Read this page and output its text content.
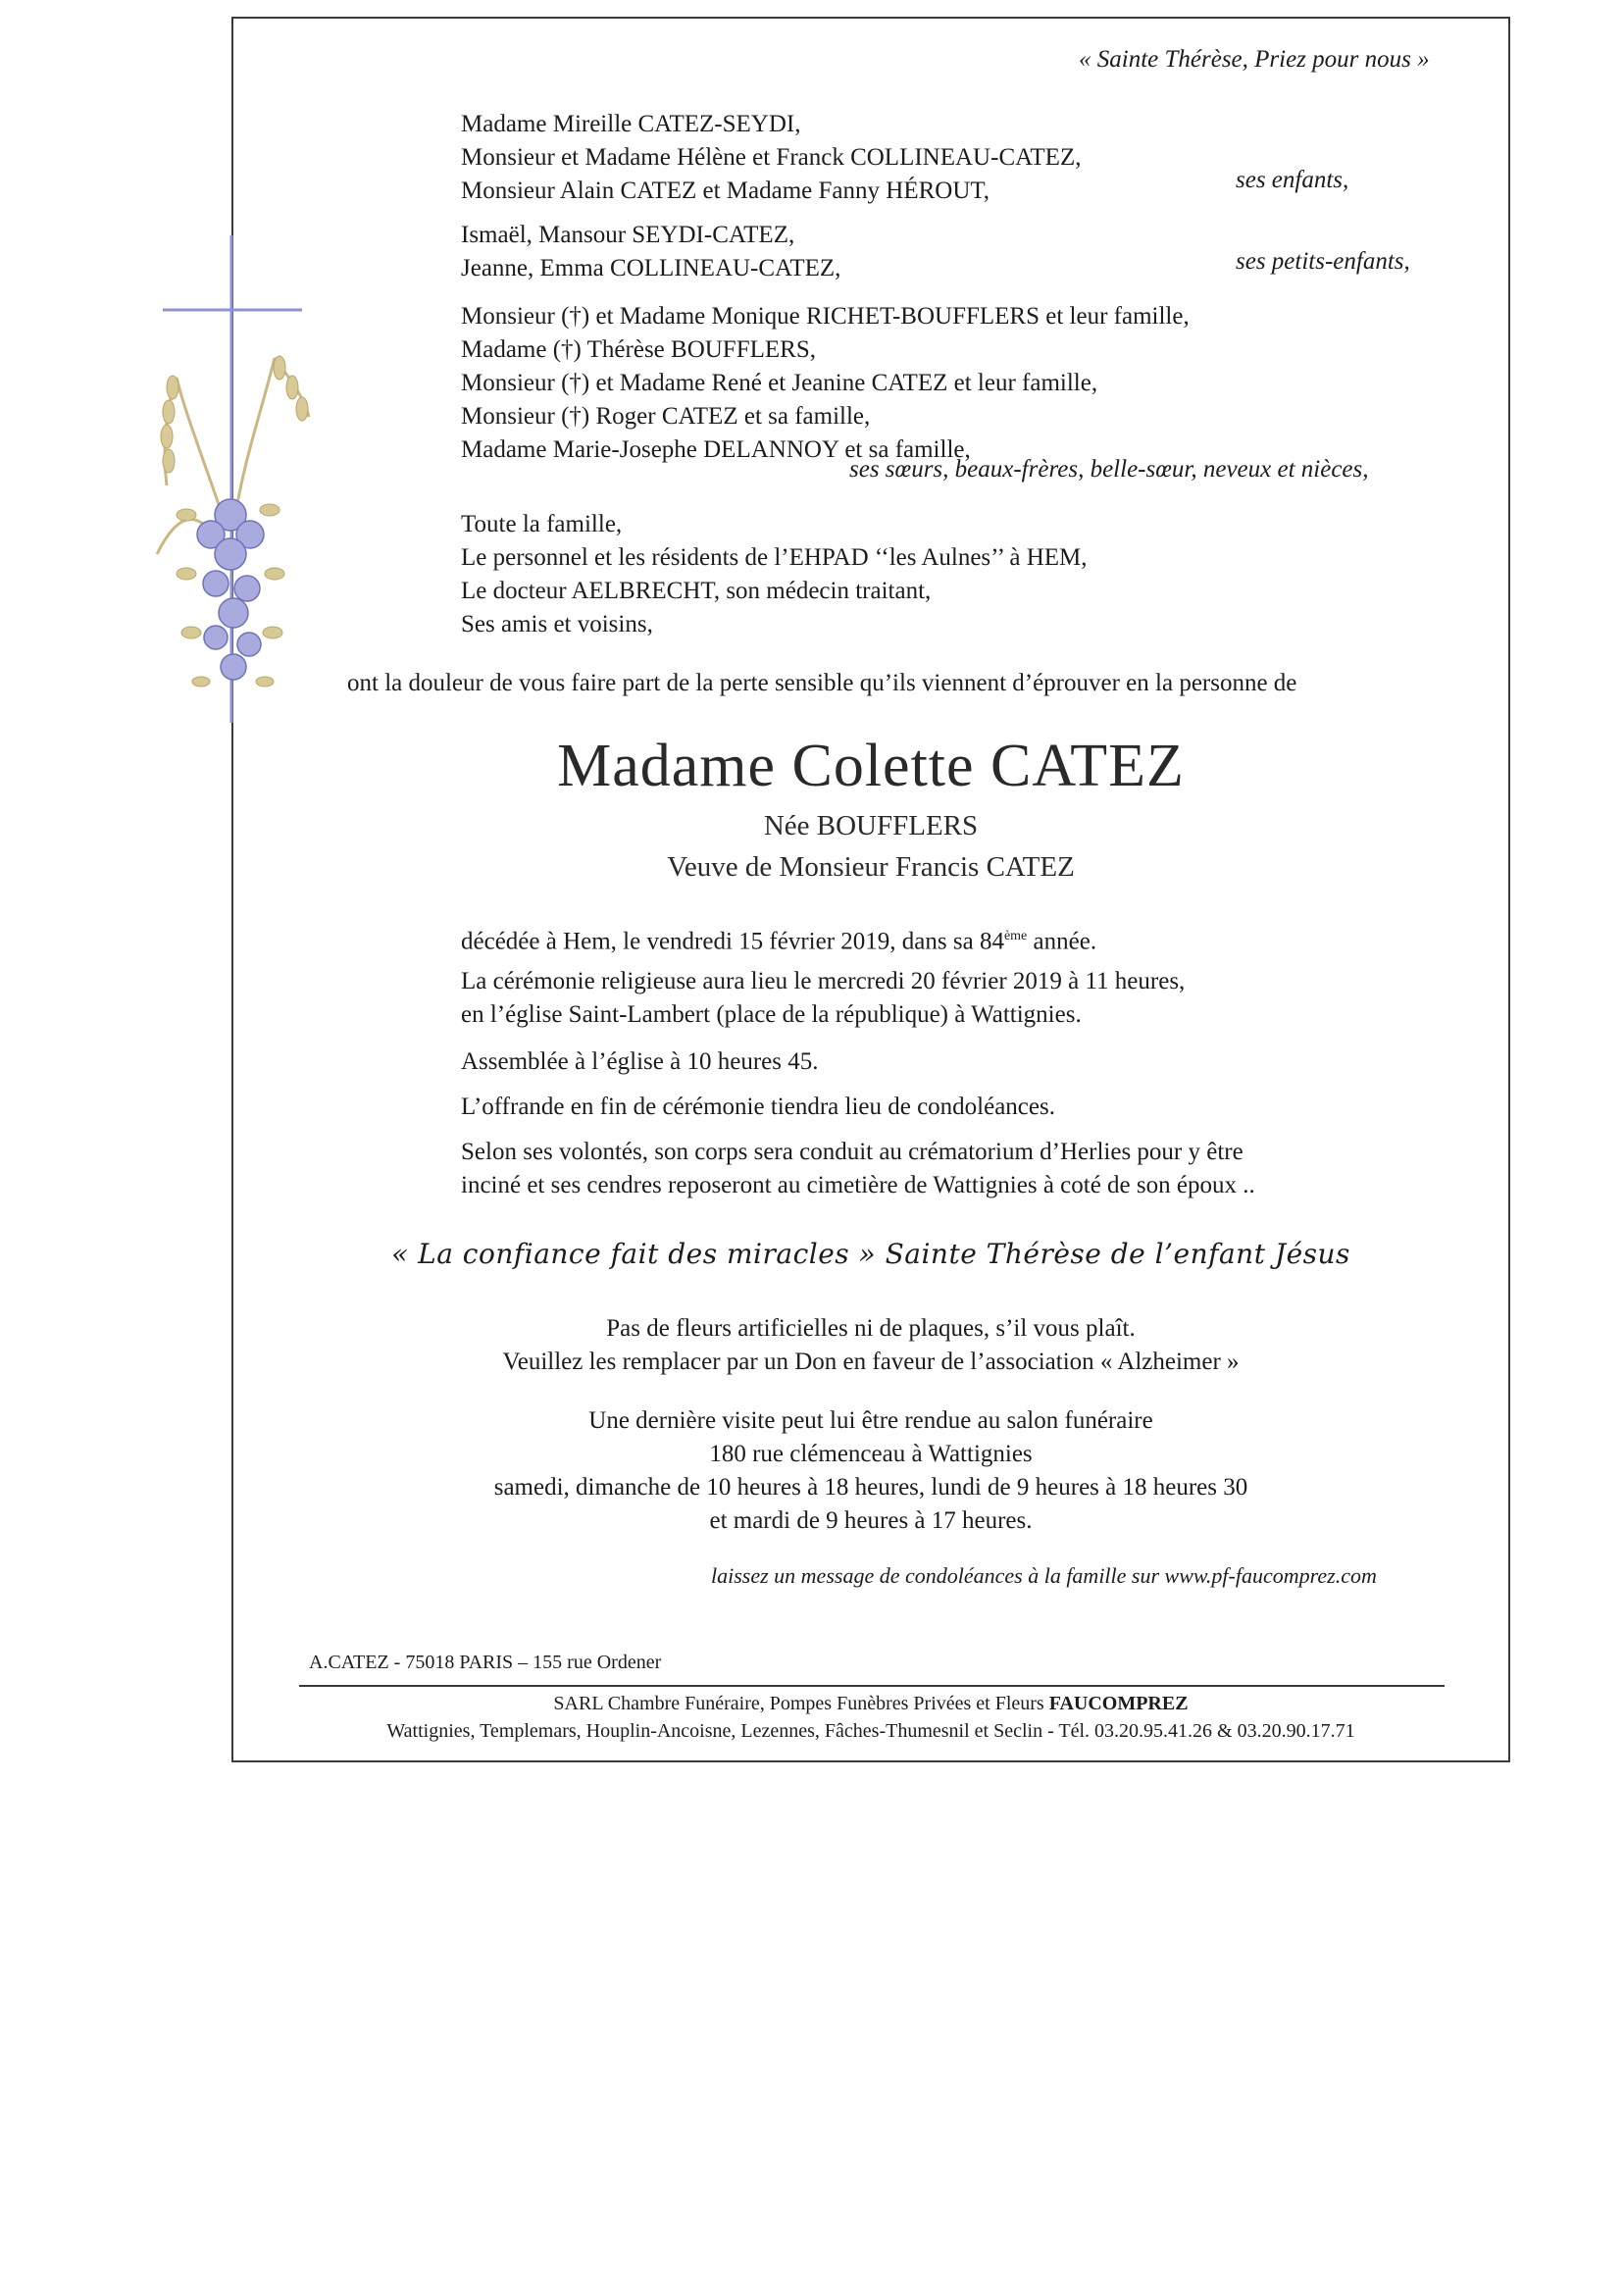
« Sainte Thérèse, Priez pour nous »
Madame Mireille CATEZ-SEYDI,
Monsieur et Madame Hélène et Franck COLLINEAU-CATEZ,
Monsieur Alain CATEZ et Madame Fanny HÉROUT,	ses enfants,
Ismaël, Mansour SEYDI-CATEZ,
Jeanne, Emma COLLINEAU-CATEZ,	ses petits-enfants,
Monsieur (†) et Madame Monique RICHET-BOUFFLERS et leur famille,
Madame (†) Thérèse BOUFFLERS,
Monsieur (†) et Madame René et Jeanine CATEZ et leur famille,
Monsieur (†) Roger CATEZ et sa famille,
Madame Marie-Josephe DELANNOY et sa famille,
ses sœurs, beaux-frères, belle-sœur, neveux et nièces,
Toute la famille,
Le personnel et les résidents de l’EHPAD ‘‘les Aulnes’’ à HEM,
Le docteur AELBRECHT, son médecin traitant,
Ses amis et voisins,
ont la douleur de vous faire part de la perte sensible qu’ils viennent d’éprouver en la personne de
Madame Colette CATEZ
Née BOUFFLERS
Veuve de Monsieur Francis CATEZ
décédée à Hem, le vendredi 15 février 2019, dans sa 84ème année.
La cérémonie religieuse aura lieu le mercredi 20 février 2019 à 11 heures,
en l’église Saint-Lambert (place de la république) à Wattignies.
Assemblée à l’église à 10 heures 45.
L’offrande en fin de cérémonie tiendra lieu de condoléances.
Selon ses volontés, son corps sera conduit au crématorium d’Herlies pour y être
inciné et ses cendres reposeront au cimetière de Wattignies à coté de son époux ..
« La confiance fait des miracles » Sainte Thérèse de l’enfant Jésus
Pas de fleurs artificielles ni de plaques, s’il vous plaît.
Veuillez les remplacer par un Don en faveur de l’association « Alzheimer »
Une dernière visite peut lui être rendue au salon funéraire
180 rue clémenceau à Wattignies
samedi, dimanche de 10 heures à 18 heures, lundi de 9 heures à 18 heures 30
et mardi de 9 heures à 17 heures.
laissez un message de condoléances à la famille sur www.pf-faucomprez.com
A.CATEZ - 75018 PARIS – 155 rue Ordener
SARL Chambre Funéraire, Pompes Funèbres Privées et Fleurs FAUCOMPREZ
Wattignies, Templemars, Houplin-Ancoisne, Lezennes, Fâches-Thumesnil et Seclin - Tél. 03.20.95.41.26 & 03.20.90.17.71
